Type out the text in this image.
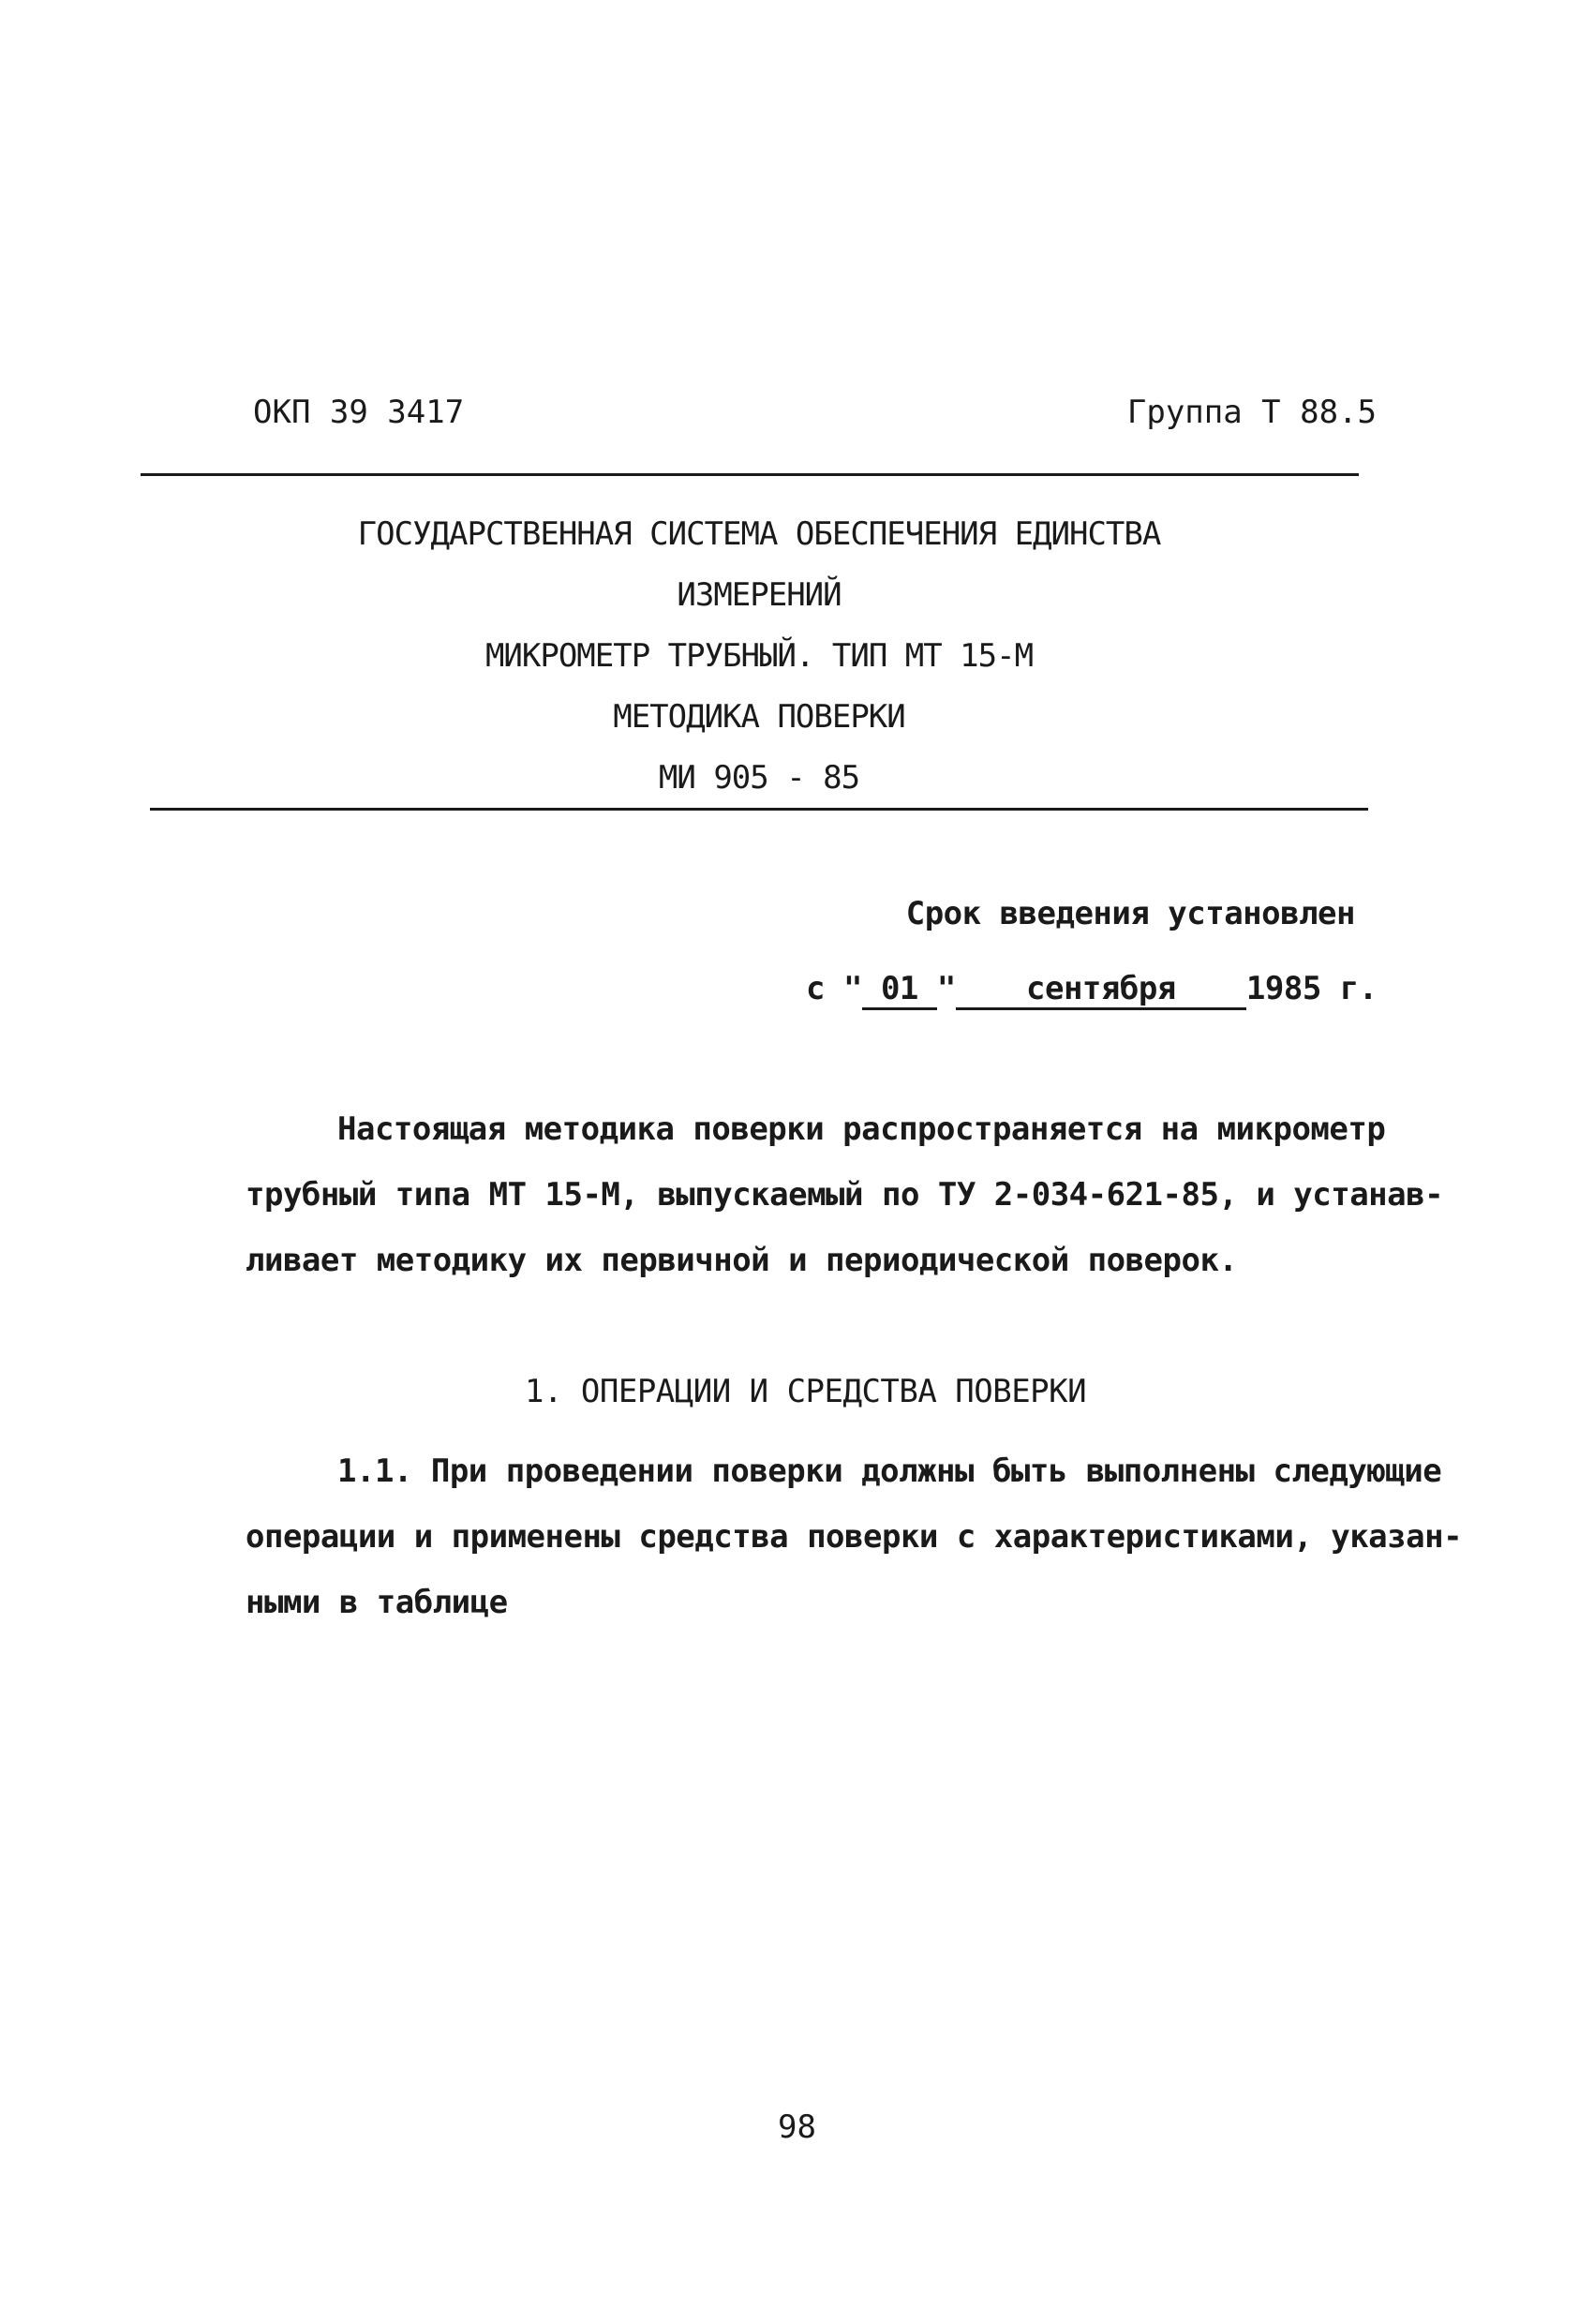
ОКП 39 3417	Группа Т 88.5
ГОСУДАРСТВЕННАЯ СИСТЕМА ОБЕСПЕЧЕНИЯ ЕДИНСТВА
ИЗМЕРЕНИЙ
МИКРОМЕТР ТРУБНЫЙ. ТИП МТ 15-М
МЕТОДИКА ПОВЕРКИ
МИ 905 - 85
Срок введения установлен
с " 01 " сентября 1985 г.
Настоящая методика поверки распространяется на микрометр
трубный типа МТ 15-М, выпускаемый по ТУ 2-034-621-85, и устанав-
ливает методику их первичной и периодической поверок.
1. ОПЕРАЦИИ И СРЕДСТВА ПОВЕРКИ
1.1. При проведении поверки должны быть выполнены следующие
операции и применены средства поверки с характеристиками, указан-
ными в таблице
98
